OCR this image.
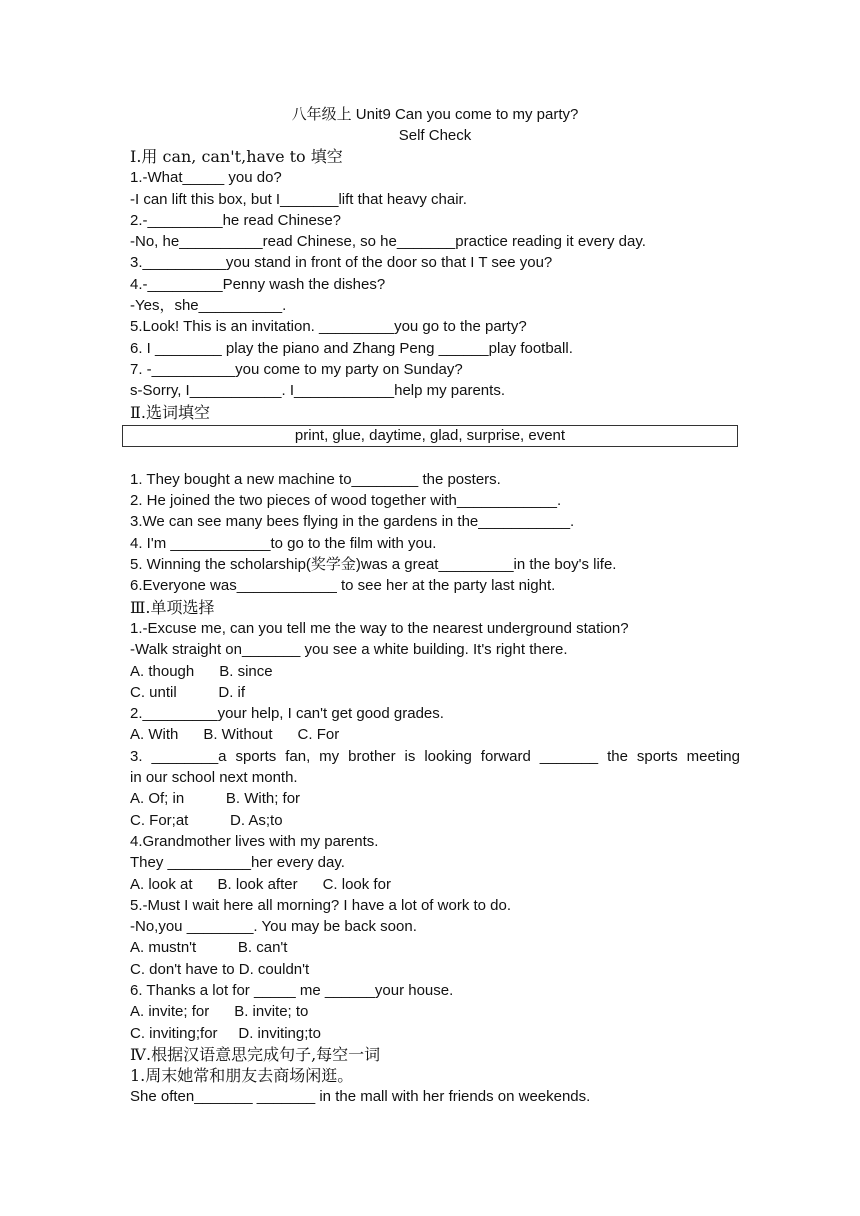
八年级上 Unit9 Can you come to my party?
Self Check
Ⅰ.用 can, can't,have to 填空
1.-What_____ you do?
-I can lift this box, but I_______lift that heavy chair.
2.-_________he read Chinese?
-No, he__________read Chinese, so he_______practice reading it every day.
3.__________you stand in front of the door so that I T see you?
4.-_________Penny wash the dishes?
-Yes，she__________.
5.Look! This is an invitation. _________you go to the party?
6. I ________ play the piano and Zhang Peng ______play football.
7. -__________you come to my party on Sunday?
s-Sorry, I___________. I____________help my parents.
Ⅱ.选词填空
print, glue, daytime, glad, surprise, event
1. They bought a new machine to________ the posters.
2. He joined the two pieces of wood together with____________.
3.We can see many bees flying in the gardens in the___________.
4. I'm ____________to go to the film with you.
5. Winning the scholarship(奖学金)was a great_________in the boy's life.
6.Everyone was____________ to see her at the party last night.
Ⅲ.单项选择
1.-Excuse me, can you tell me the way to the nearest underground station?
-Walk straight on_______ you see a white building. It's right there.
A. though      B. since
C. until          D. if
2._________your help, I can't get good grades.
A. With      B. Without      C. For
3. ________a sports fan, my brother is looking forward _______ the sports meeting
in our school next month.
A. Of; in          B. With; for
C. For;at          D. As;to
4.Grandmother lives with my parents.
They __________her every day.
A. look at      B. look after      C. look for
5.-Must I wait here all morning? I have a lot of work to do.
-No,you ________. You may be back soon.
A. mustn't          B. can't
C. don't have to D. couldn't
6. Thanks a lot for _____ me ______your house.
A. invite; for      B. invite; to
C. inviting;for     D. inviting;to
Ⅳ.根据汉语意思完成句子,每空一词
1.周末她常和朋友去商场闲逛。
She often_______ _______ in the mall with her friends on weekends.
